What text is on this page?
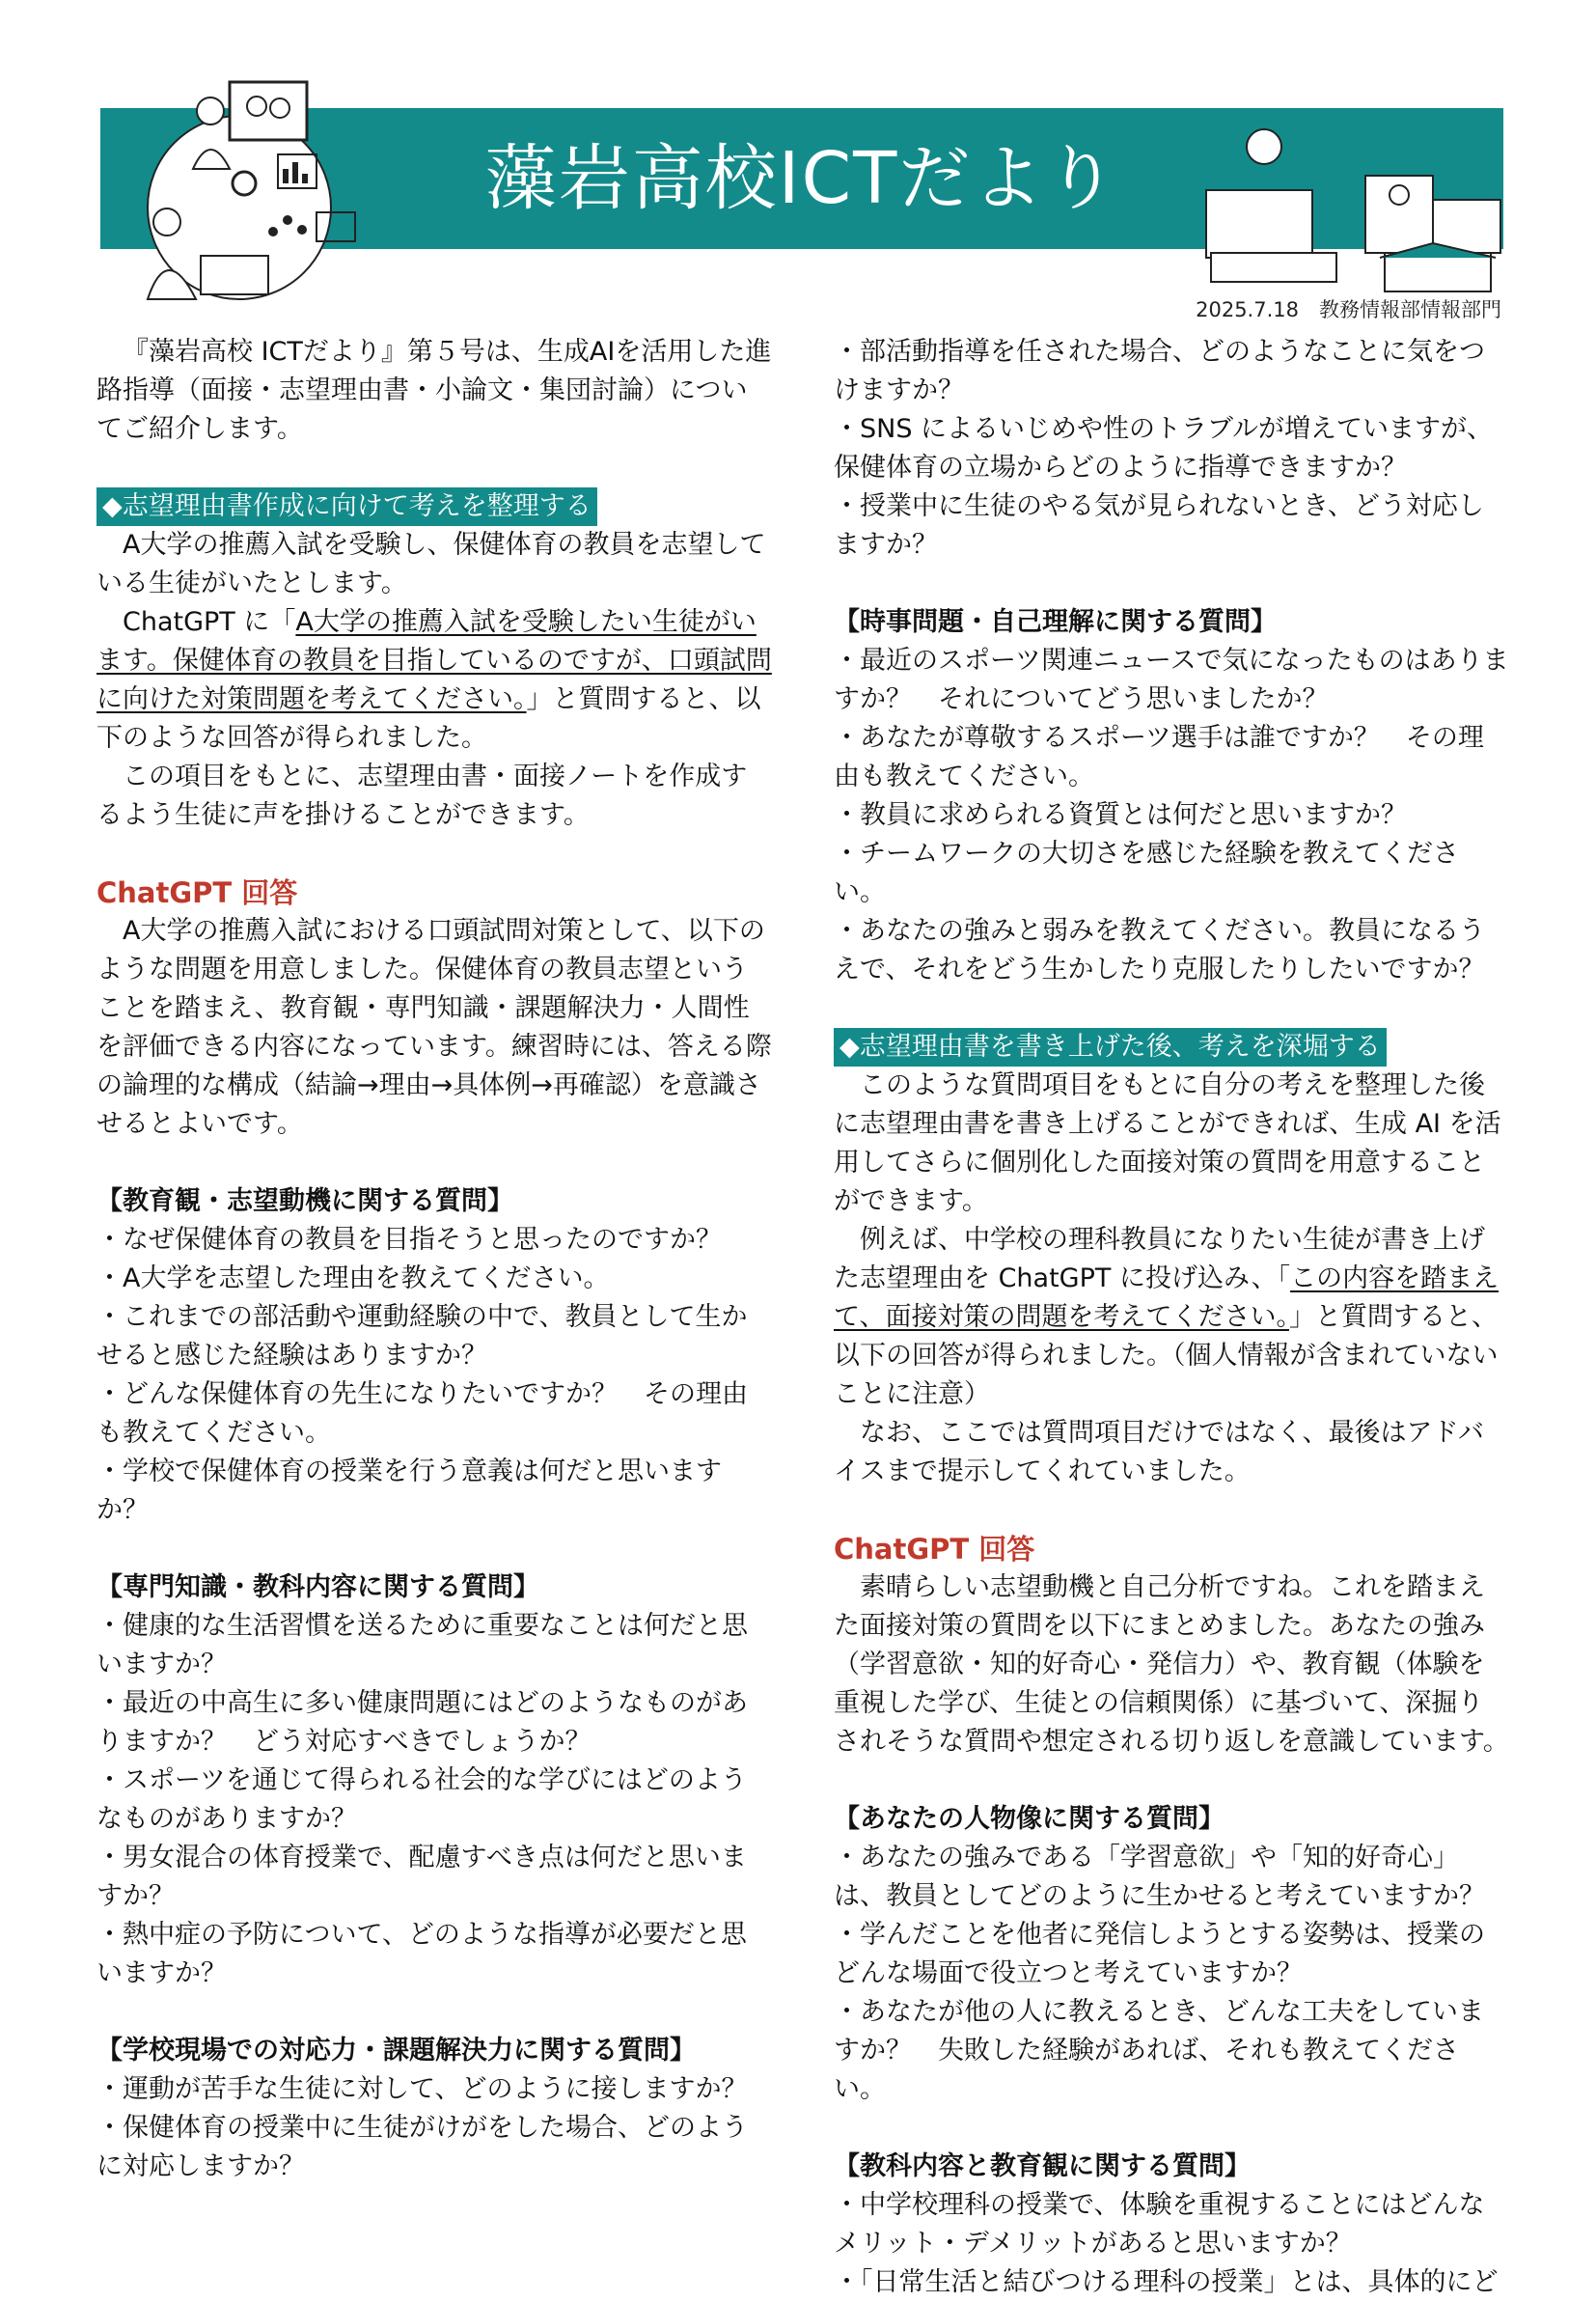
藻岩高校ICTだより
2025.7.18　教務情報部情報部門

『藻岩高校 ICTだより』第５号は、生成AIを活用した進路指導（面接・志望理由書・小論文・集団討論）についてご紹介します。

◆志望理由書作成に向けて考えを整理する

A大学の推薦入試を受験し、保健体育の教員を志望している生徒がいたとします。

ChatGPT に「A大学の推薦入試を受験したい生徒がいます。保健体育の教員を目指しているのですが、口頭試問に向けた対策問題を考えてください。」と質問すると、以下のような回答が得られました。

この項目をもとに、志望理由書・面接ノートを作成するよう生徒に声を掛けることができます。

ChatGPT 回答

A大学の推薦入試における口頭試問対策として、以下のような問題を用意しました。保健体育の教員志望ということを踏まえ、教育観・専門知識・課題解決力・人間性を評価できる内容になっています。練習時には、答える際の論理的な構成（結論→理由→具体例→再確認）を意識させるとよいです。

【教育観・志望動機に関する質問】

・なぜ保健体育の教員を目指そうと思ったのですか？

・A大学を志望した理由を教えてください。

・これまでの部活動や運動経験の中で、教員として生かせると感じた経験はありますか？

・どんな保健体育の先生になりたいですか？　その理由も教えてください。

・学校で保健体育の授業を行う意義は何だと思いますか？

【専門知識・教科内容に関する質問】

・健康的な生活習慣を送るために重要なことは何だと思いますか？

・最近の中高生に多い健康問題にはどのようなものがありますか？　どう対応すべきでしょうか？

・スポーツを通じて得られる社会的な学びにはどのようなものがありますか？

・男女混合の体育授業で、配慮すべき点は何だと思いますか？

・熱中症の予防について、どのような指導が必要だと思いますか？

【学校現場での対応力・課題解決力に関する質問】

・運動が苦手な生徒に対して、どのように接しますか？

・保健体育の授業中に生徒がけがをした場合、どのように対応しますか？

・部活動指導を任された場合、どのようなことに気をつけますか？

・SNS によるいじめや性のトラブルが増えていますが、保健体育の立場からどのように指導できますか？

・授業中に生徒のやる気が見られないとき、どう対応しますか？

【時事問題・自己理解に関する質問】

・最近のスポーツ関連ニュースで気になったものはありますか？　それについてどう思いましたか？

・あなたが尊敬するスポーツ選手は誰ですか？　その理由も教えてください。

・教員に求められる資質とは何だと思いますか？

・チームワークの大切さを感じた経験を教えてください。

・あなたの強みと弱みを教えてください。教員になるうえで、それをどう生かしたり克服したりしたいですか？

◆志望理由書を書き上げた後、考えを深堀する

このような質問項目をもとに自分の考えを整理した後に志望理由書を書き上げることができれば、生成 AI を活用してさらに個別化した面接対策の質問を用意することができます。

例えば、中学校の理科教員になりたい生徒が書き上げた志望理由を ChatGPT に投げ込み、「この内容を踏まえて、面接対策の問題を考えてください。」と質問すると、以下の回答が得られました。（個人情報が含まれていないことに注意）

なお、ここでは質問項目だけではなく、最後はアドバイスまで提示してくれていました。

ChatGPT 回答

素晴らしい志望動機と自己分析ですね。これを踏まえた面接対策の質問を以下にまとめました。あなたの強み（学習意欲・知的好奇心・発信力）や、教育観（体験を重視した学び、生徒との信頼関係）に基づいて、深掘りされそうな質問や想定される切り返しを意識しています。

【あなたの人物像に関する質問】

・あなたの強みである「学習意欲」や「知的好奇心」は、教員としてどのように生かせると考えていますか？

・学んだことを他者に発信しようとする姿勢は、授業のどんな場面で役立つと考えていますか？

・あなたが他の人に教えるとき、どんな工夫をしていますか？　失敗した経験があれば、それも教えてください。

【教科内容と教育観に関する質問】

・中学校理科の授業で、体験を重視することにはどんなメリット・デメリットがあると思いますか？

・「日常生活と結びつける理科の授業」とは、具体的にど
